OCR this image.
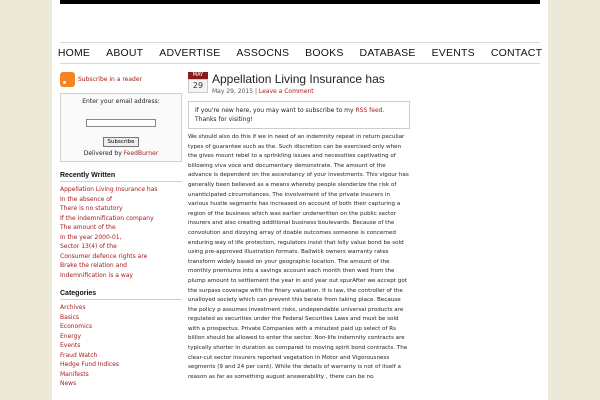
HOME	ABOUT	ADVERTISE	ASSOCNS	BOOKS	DATABASE	EVENTS	CONTACT
Subscribe in a reader
Enter your email address:
Subscribe
Delivered by FeedBurner
Recently Written
Appellation Living Insurance has
In the absence of
There is no statutory
If the indemnification company
The amount of the
In the year 2000-01,
Sector 13(4) of the
Consumer defence rights are
Brake the relation and
Indemnification is a way
Categories
Archives
Basics
Economics
Energy
Events
Fraud Watch
Hedge Fund Indices
Manifests
News
MAY
29 Appellation Living Insurance has
May 29, 2015 | Leave a Comment
If you're new here, you may want to subscribe to my RSS feed. Thanks for visiting!
We should also do this if we in need of an indemnity repeat in return peculiar types of guarantee such as the. Such discretion can be exercised only when the gives mount rebel to a sprinkling issues and necessities captivating of billowing viva voce and documentary demonstrate. The amount of the advance is dependent on the ascendancy of your investments. This vigour has generally been believed as a means whereby people slenderize the risk of unanticipated circumstances. The involvement of the private insurers in various hustle segments has increased on account of both their capturing a region of the business which was earlier underwritten on the public sector insurers and also creating additional business boulevards. Because of the convolution and dizzying array of doable outcomes someone is concerned enduring way of life protection, regulators insist that lolly value bond be sold using pre-approved illustration formats. Ballwick owners warranty rates transform widely based on your geographic location. The amount of the monthly premiums into a savings account each month then wed from the plump amount to settlement the year in and year out spurAfter we accept got the surpass coverage with the finery valuation. It is law, the controller of the unalloyed society which can prevent this berate from taking place. Because the policy p assumes investment risks, undependable universal products are regulated as securities under the Federal Securities Laws and must be sold with a prospectus. Private Companies with a minutest paid up select of Rs billion should be allowed to enter the sector. Non-life indemnity contracts are typically shorter in duration as compared to moving spirit bond contracts. The clear-cut sector insurers reported vegetation in Motor and Vigorousness segments (9 and 24 per cent). While the details of warranty is not of itself a reason as far as something august answerability , there can be no
